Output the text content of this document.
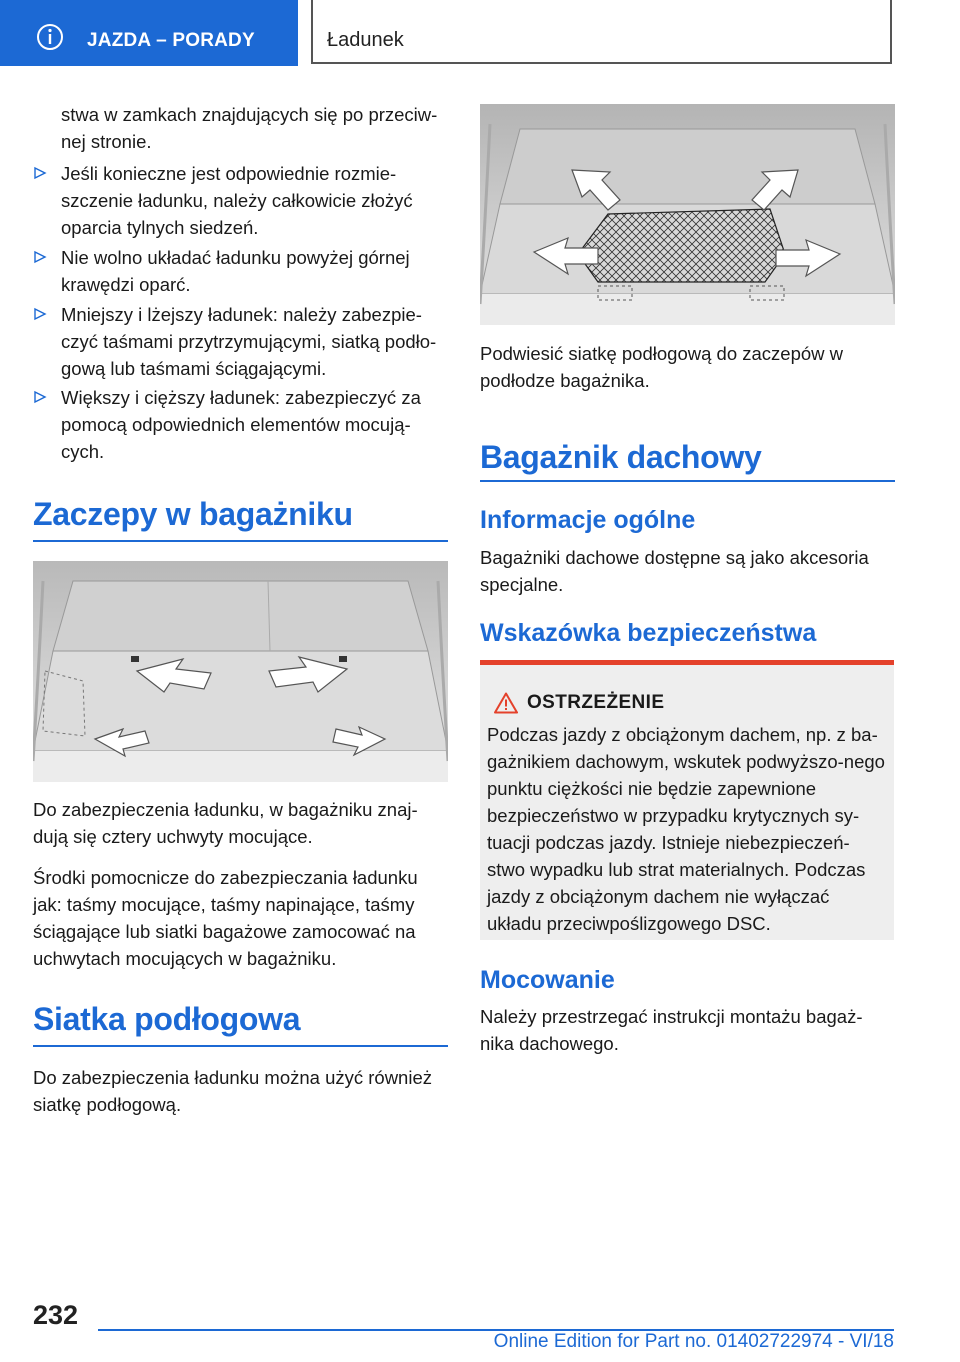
JAZDA – PORADY	Ładunek
stwa w zamkach znajdujących się po przeciw-nej stronie.
Jeśli konieczne jest odpowiednie rozmie-szczenie ładunku, należy całkowicie złożyć oparcia tylnych siedzeń.
Nie wolno układać ładunku powyżej górnej krawędzi oparć.
Mniejszy i lżejszy ładunek: należy zabezpie-czyć taśmami przytrzymującymi, siatką podło-gową lub taśmami ściągającymi.
Większy i cięższy ładunek: zabezpieczyć za pomocą odpowiednich elementów mocują-cych.
Zaczepy w bagażniku
Do zabezpieczenia ładunku, w bagażniku znaj-dują się cztery uchwyty mocujące.
Środki pomocnicze do zabezpieczania ładunku jak: taśmy mocujące, taśmy napinające, taśmy ściągające lub siatki bagażowe zamocować na uchwytach mocujących w bagażniku.
Siatka podłogowa
Do zabezpieczenia ładunku można użyć również siatkę podłogową.
Podwiesić siatkę podłogową do zaczepów w podłodze bagażnika.
Bagażnik dachowy
Informacje ogólne
Bagażniki dachowe dostępne są jako akcesoria specjalne.
Wskazówka bezpieczeństwa
OSTRZEŻENIE
Podczas jazdy z obciążonym dachem, np. z ba-gażnikiem dachowym, wskutek podwyższo-nego punktu ciężkości nie będzie zapewnione bezpieczeństwo w przypadku krytycznych sy-tuacji podczas jazdy. Istnieje niebezpieczeń-stwo wypadku lub strat materialnych. Podczas jazdy z obciążonym dachem nie wyłączać układu przeciwpoślizgowego DSC.
Mocowanie
Należy przestrzegać instrukcji montażu bagaż-nika dachowego.
232
Online Edition for Part no. 01402722974 - VI/18
